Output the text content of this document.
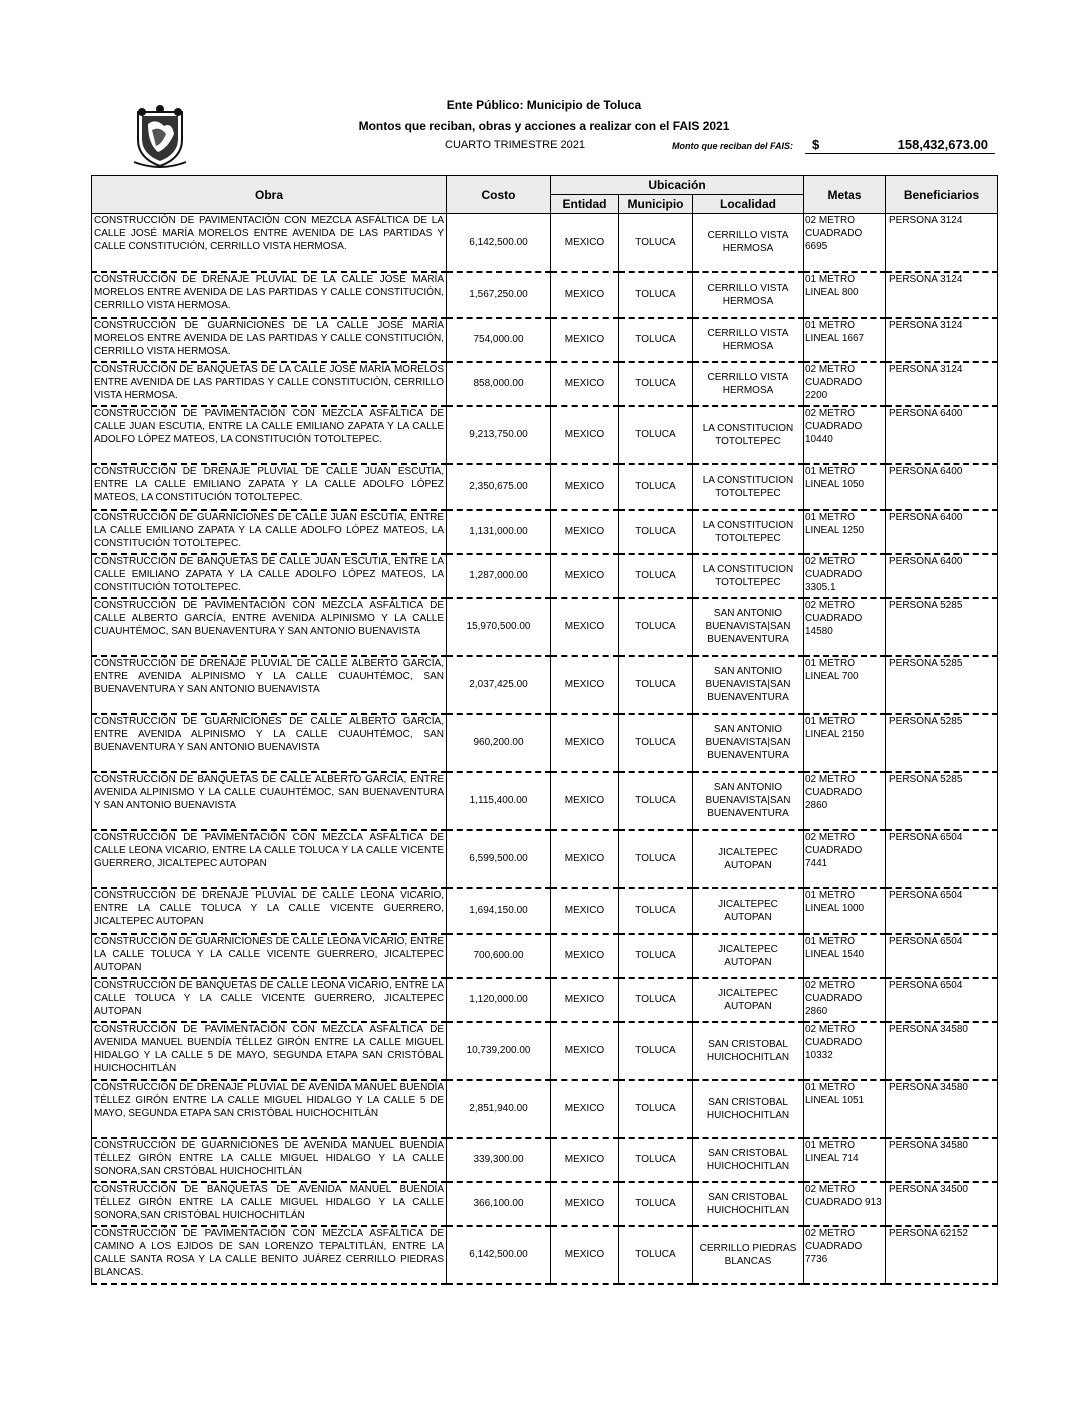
Ente Público: Municipio de Toluca
Montos que reciban, obras y acciones a realizar con el FAIS 2021
CUARTO TRIMESTRE 2021	Monto que reciban del FAIS: $	158,432,673.00
Obra	Costo	Ubicación			Metas	Beneficiarios
		Entidad	Municipio	Localidad		
CONSTRUCCIÓN DE PAVIMENTACIÓN CON MEZCLA ASFÁLTICA DE LA CALLE JOSÉ MARÍA MORELOS ENTRE AVENIDA DE LAS PARTIDAS Y CALLE CONSTITUCIÓN, CERRILLO VISTA HERMOSA.	6,142,500.00	MEXICO	TOLUCA	CERRILLO VISTA HERMOSA	02 METRO CUADRADO 6695	PERSONA 3124
CONSTRUCCIÓN DE DRENAJE PLUVIAL DE LA CALLE JOSÉ MARÍA MORELOS ENTRE AVENIDA DE LAS PARTIDAS Y CALLE CONSTITUCIÓN, CERRILLO VISTA HERMOSA.	1,567,250.00	MEXICO	TOLUCA	CERRILLO VISTA HERMOSA	01 METRO LINEAL 800	PERSONA 3124
CONSTRUCCIÓN DE GUARNICIONES DE LA CALLE JOSÉ MARÍA MORELOS ENTRE AVENIDA DE LAS PARTIDAS Y CALLE CONSTITUCIÓN, CERRILLO VISTA HERMOSA.	754,000.00	MEXICO	TOLUCA	CERRILLO VISTA HERMOSA	01 METRO LINEAL 1667	PERSONA 3124
CONSTRUCCIÓN DE BANQUETAS DE LA CALLE JOSÉ MARÍA MORELOS ENTRE AVENIDA DE LAS PARTIDAS Y CALLE CONSTITUCIÓN, CERRILLO VISTA HERMOSA.	858,000.00	MEXICO	TOLUCA	CERRILLO VISTA HERMOSA	02 METRO CUADRADO 2200	PERSONA 3124
CONSTRUCCIÓN DE PAVIMENTACIÓN CON MEZCLA ASFÁLTICA DE CALLE JUAN ESCUTIA, ENTRE LA CALLE EMILIANO ZAPATA Y LA CALLE ADOLFO LÓPEZ MATEOS, LA CONSTITUCIÓN TOTOLTEPEC.	9,213,750.00	MEXICO	TOLUCA	LA CONSTITUCION TOTOLTEPEC	02 METRO CUADRADO 10440	PERSONA 6400
CONSTRUCCIÓN DE DRENAJE PLUVIAL DE CALLE JUAN ESCUTIA, ENTRE LA CALLE EMILIANO ZAPATA Y LA CALLE ADOLFO LÓPEZ MATEOS, LA CONSTITUCIÓN TOTOLTEPEC.	2,350,675.00	MEXICO	TOLUCA	LA CONSTITUCION TOTOLTEPEC	01 METRO LINEAL 1050	PERSONA 6400
CONSTRUCCIÓN DE GUARNICIONES DE CALLE JUAN ESCUTIA, ENTRE LA CALLE EMILIANO ZAPATA Y LA CALLE ADOLFO LÓPEZ MATEOS, LA CONSTITUCIÓN TOTOLTEPEC.	1,131,000.00	MEXICO	TOLUCA	LA CONSTITUCION TOTOLTEPEC	01 METRO LINEAL 1250	PERSONA 6400
CONSTRUCCIÓN DE BANQUETAS DE CALLE JUAN ESCUTIA, ENTRE LA CALLE EMILIANO ZAPATA Y LA CALLE ADOLFO LÓPEZ MATEOS, LA CONSTITUCIÓN TOTOLTEPEC.	1,287,000.00	MEXICO	TOLUCA	LA CONSTITUCION TOTOLTEPEC	02 METRO CUADRADO 3305.1	PERSONA 6400
CONSTRUCCIÓN DE PAVIMENTACIÓN CON MEZCLA ASFÁLTICA DE CALLE ALBERTO GARCÍA, ENTRE AVENIDA ALPINISMO Y LA CALLE CUAUHTÉMOC, SAN BUENAVENTURA Y SAN ANTONIO BUENAVISTA	15,970,500.00	MEXICO	TOLUCA	SAN ANTONIO BUENAVISTA|SAN BUENAVENTURA	02 METRO CUADRADO 14580	PERSONA 5285
CONSTRUCCIÓN DE DRENAJE PLUVIAL DE CALLE ALBERTO GARCÍA, ENTRE AVENIDA ALPINISMO Y LA CALLE CUAUHTÉMOC, SAN BUENAVENTURA Y SAN ANTONIO BUENAVISTA	2,037,425.00	MEXICO	TOLUCA	SAN ANTONIO BUENAVISTA|SAN BUENAVENTURA	01 METRO LINEAL 700	PERSONA 5285
CONSTRUCCIÓN DE GUARNICIONES DE CALLE ALBERTO GARCÍA, ENTRE AVENIDA ALPINISMO Y LA CALLE CUAUHTÉMOC, SAN BUENAVENTURA Y SAN ANTONIO BUENAVISTA	960,200.00	MEXICO	TOLUCA	SAN ANTONIO BUENAVISTA|SAN BUENAVENTURA	01 METRO LINEAL 2150	PERSONA 5285
CONSTRUCCIÓN DE BANQUETAS DE CALLE ALBERTO GARCÍA, ENTRE AVENIDA ALPINISMO Y LA CALLE CUAUHTÉMOC, SAN BUENAVENTURA Y SAN ANTONIO BUENAVISTA	1,115,400.00	MEXICO	TOLUCA	SAN ANTONIO BUENAVISTA|SAN BUENAVENTURA	02 METRO CUADRADO 2860	PERSONA 5285
CONSTRUCCIÓN DE PAVIMENTACIÓN CON MEZCLA ASFÁLTICA DE CALLE LEONA VICARIO, ENTRE LA CALLE TOLUCA Y LA CALLE VICENTE GUERRERO, JICALTEPEC AUTOPAN	6,599,500.00	MEXICO	TOLUCA	JICALTEPEC AUTOPAN	02 METRO CUADRADO 7441	PERSONA 6504
CONSTRUCCIÓN DE DRENAJE PLUVIAL DE CALLE LEONA VICARIO, ENTRE LA CALLE TOLUCA Y LA CALLE VICENTE GUERRERO, JICALTEPEC AUTOPAN	1,694,150.00	MEXICO	TOLUCA	JICALTEPEC AUTOPAN	01 METRO LINEAL 1000	PERSONA 6504
CONSTRUCCIÓN DE GUARNICIONES DE CALLE LEONA VICARIO, ENTRE LA CALLE TOLUCA Y LA CALLE VICENTE GUERRERO, JICALTEPEC AUTOPAN	700,600.00	MEXICO	TOLUCA	JICALTEPEC AUTOPAN	01 METRO LINEAL 1540	PERSONA 6504
CONSTRUCCIÓN DE BANQUETAS DE CALLE LEONA VICARIO, ENTRE LA CALLE TOLUCA Y LA CALLE VICENTE GUERRERO, JICALTEPEC AUTOPAN	1,120,000.00	MEXICO	TOLUCA	JICALTEPEC AUTOPAN	02 METRO CUADRADO 2860	PERSONA 6504
CONSTRUCCIÓN DE PAVIMENTACIÓN CON MEZCLA ASFÁLTICA DE AVENIDA MANUEL BUENDÍA TÉLLEZ GIRÓN ENTRE LA CALLE MIGUEL HIDALGO Y LA CALLE 5 DE MAYO, SEGUNDA ETAPA SAN CRISTÓBAL HUICHOCHITLÁN	10,739,200.00	MEXICO	TOLUCA	SAN CRISTOBAL HUICHOCHITLAN	02 METRO CUADRADO 10332	PERSONA 34580
CONSTRUCCIÓN DE DRENAJE PLUVIAL DE AVENIDA MANUEL BUENDÍA TÉLLEZ GIRÓN ENTRE LA CALLE MIGUEL HIDALGO Y LA CALLE 5 DE MAYO, SEGUNDA ETAPA SAN CRISTÓBAL HUICHOCHITLÁN	2,851,940.00	MEXICO	TOLUCA	SAN CRISTOBAL HUICHOCHITLAN	01 METRO LINEAL 1051	PERSONA 34580
CONSTRUCCIÓN DE GUARNICIONES DE AVENIDA MANUEL BUENDÍA TÉLLEZ GIRÓN ENTRE LA CALLE MIGUEL HIDALGO Y LA CALLE SONORA,SAN CRSTÓBAL HUICHOCHITLÁN	339,300.00	MEXICO	TOLUCA	SAN CRISTOBAL HUICHOCHITLAN	01 METRO LINEAL 714	PERSONA 34580
CONSTRUCCIÓN DE BANQUETAS DE AVENIDA MANUEL BUENDÍA TÉLLEZ GIRÓN ENTRE LA CALLE MIGUEL HIDALGO Y LA CALLE SONORA,SAN CRISTÓBAL HUICHOCHITLÁN	366,100.00	MEXICO	TOLUCA	SAN CRISTOBAL HUICHOCHITLAN	02 METRO CUADRADO 913	PERSONA 34500
CONSTRUCCIÓN DE PAVIMENTACIÓN CON MEZCLA ASFÁLTICA DE CAMINO A LOS EJIDOS DE SAN LORENZO TEPALTITLÁN, ENTRE LA CALLE SANTA ROSA Y LA CALLE BENITO JUÁREZ CERRILLO PIEDRAS BLANCAS.	6,142,500.00	MEXICO	TOLUCA	CERRILLO PIEDRAS BLANCAS	02 METRO CUADRADO 7736	PERSONA 62152
